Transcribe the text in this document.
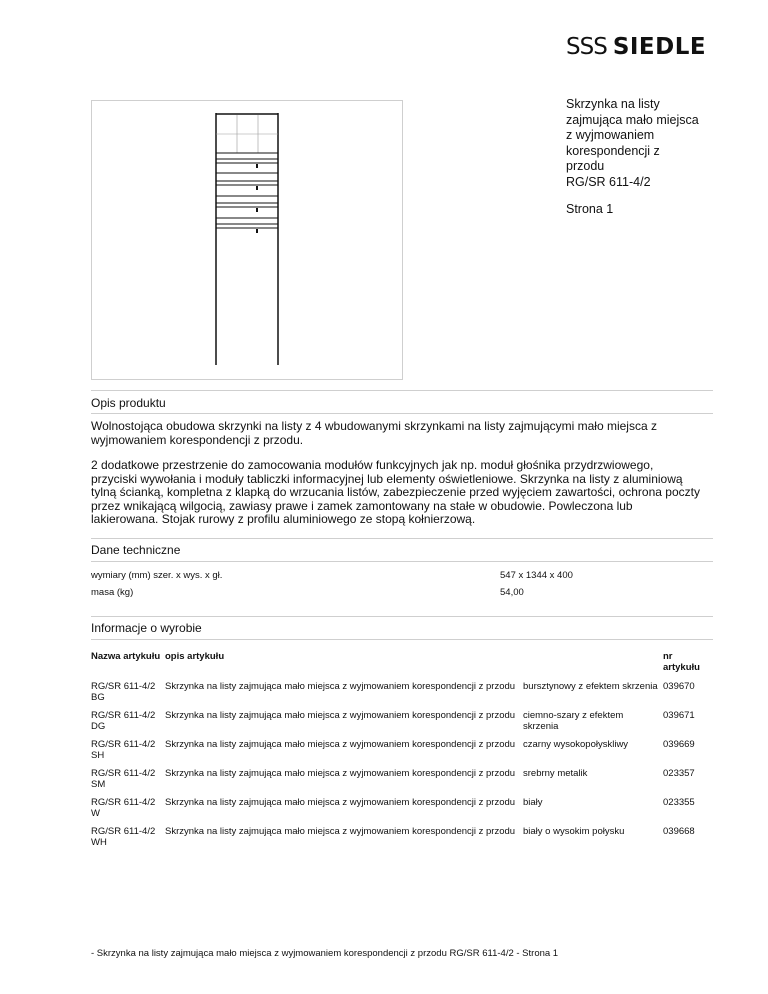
SSS SIEDLE
Skrzynka na listy
zajmująca mało miejsca
z wyjmowaniem
korespondencji z
przodu
RG/SR 611-4/2
Strona 1
Opis produktu
Wolnostojąca obudowa skrzynki na listy z 4 wbudowanymi skrzynkami na listy zajmującymi mało miejsca z wyjmowaniem korespondencji z przodu.
2 dodatkowe przestrzenie do zamocowania modułów funkcyjnych jak np. moduł głośnika przydrzwiowego, przyciski wywołania i moduły tabliczki informacyjnej lub elementy oświetleniowe. Skrzynka na listy z aluminiową tylną ścianką, kompletna z klapką do wrzucania listów, zabezpieczenie przed wyjęciem zawartości, ochrona poczty przez wnikającą wilgocią, zawiasy prawe i zamek zamontowany na stałe w obudowie. Powleczona lub lakierowana. Stojak rurowy z profilu aluminiowego ze stopą kołnierzową.
Dane techniczne
wymiary (mm) szer. x wys. x gł.	547 x 1344 x 400
masa (kg)	54,00
Informacje o wyrobie
Nazwa artykułu	opis artykułu		nr artykułu
RG/SR 611-4/2 BG	Skrzynka na listy zajmująca mało miejsca z wyjmowaniem korespondencji z przodu	bursztynowy z efektem skrzenia	039670
RG/SR 611-4/2 DG	Skrzynka na listy zajmująca mało miejsca z wyjmowaniem korespondencji z przodu	ciemno-szary z efektem skrzenia	039671
RG/SR 611-4/2 SH	Skrzynka na listy zajmująca mało miejsca z wyjmowaniem korespondencji z przodu	czarny wysokopołyskliwy	039669
RG/SR 611-4/2 SM	Skrzynka na listy zajmująca mało miejsca z wyjmowaniem korespondencji z przodu	srebrny metalik	023357
RG/SR 611-4/2 W	Skrzynka na listy zajmująca mało miejsca z wyjmowaniem korespondencji z przodu	biały	023355
RG/SR 611-4/2 WH	Skrzynka na listy zajmująca mało miejsca z wyjmowaniem korespondencji z przodu	biały o wysokim połysku	039668
- Skrzynka na listy zajmująca mało miejsca z wyjmowaniem korespondencji z przodu RG/SR 611-4/2 - Strona 1
